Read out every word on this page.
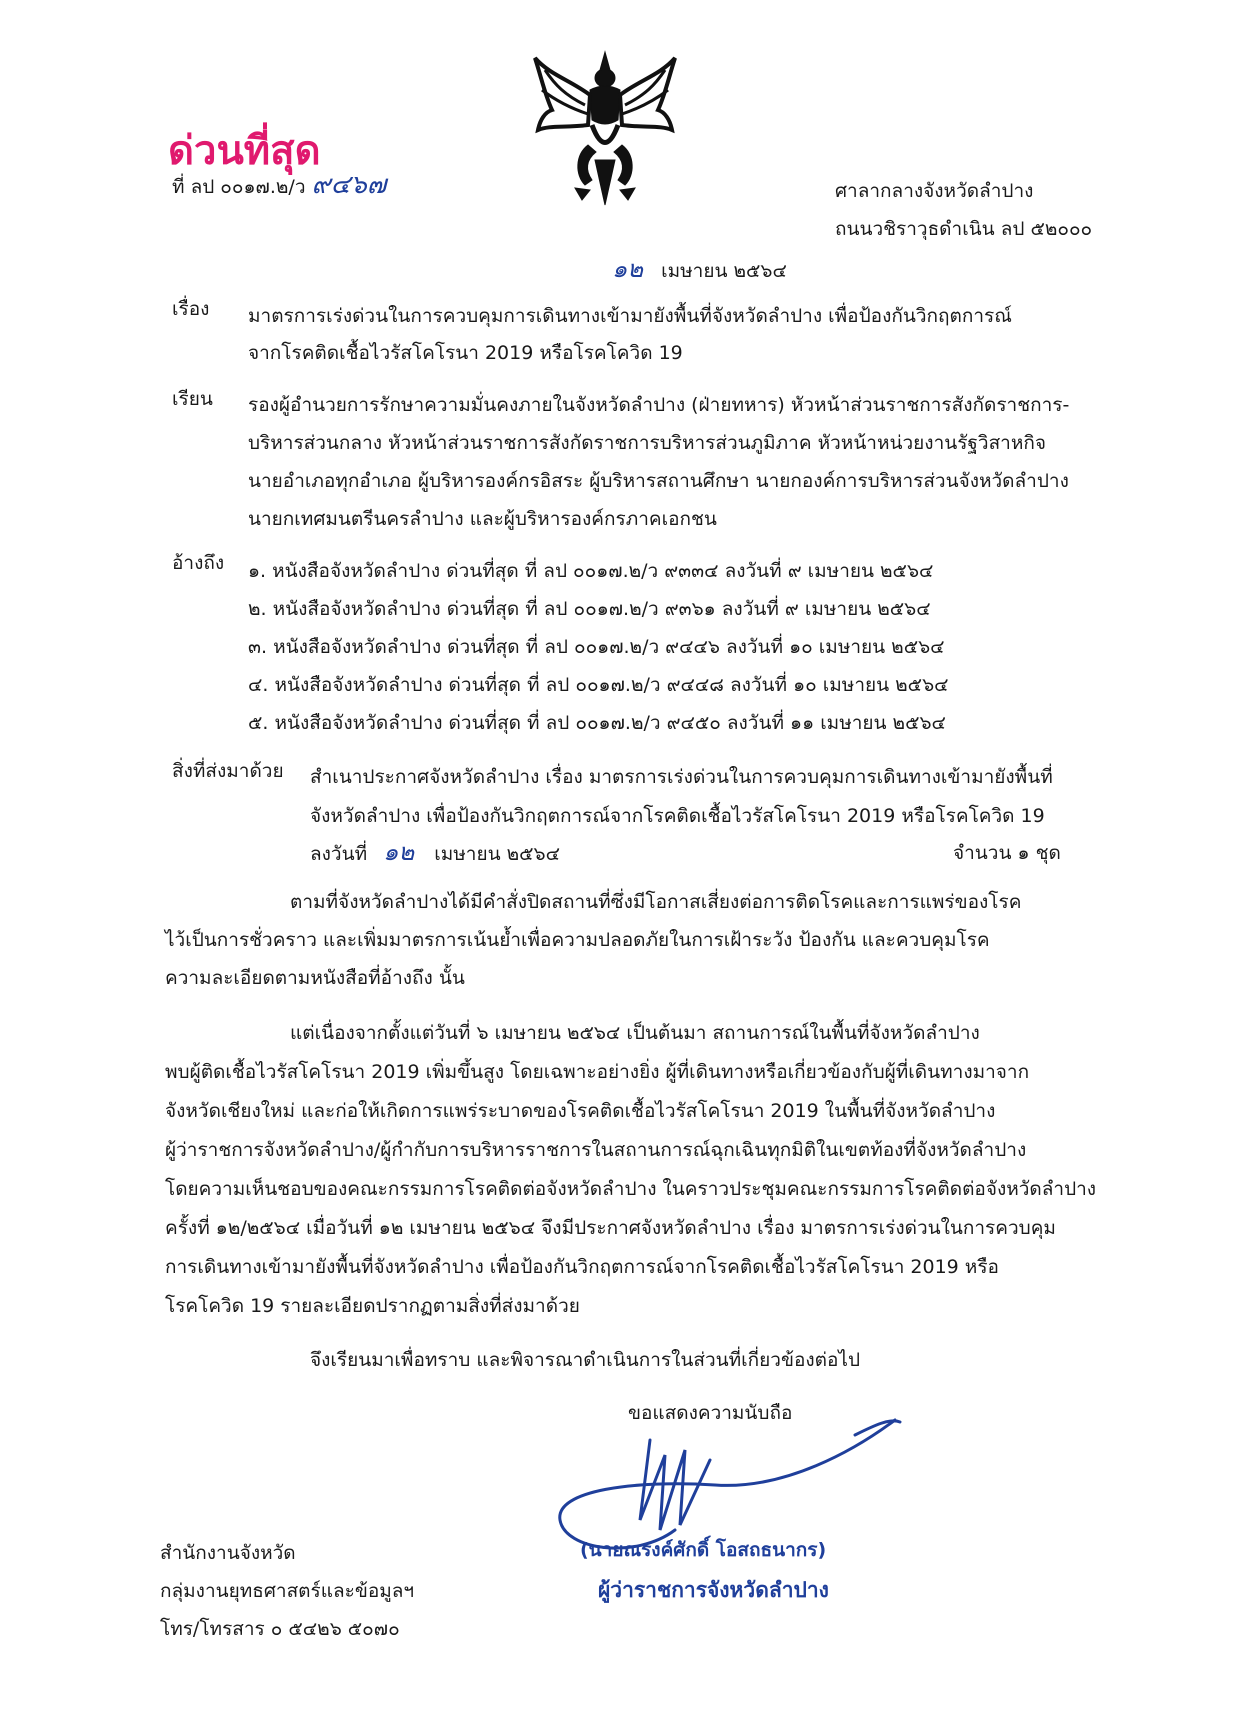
ด่วนที่สุด
ที่ ลป ๐๐๑๗.๒/ว ๙๔๖๗	ศาลากลางจังหวัดลำปาง
ถนนวชิราวุธดำเนิน ลป ๕๒๐๐๐
๑๒ เมษายน ๒๕๖๔
เรื่อง มาตรการเร่งด่วนในการควบคุมการเดินทางเข้ามายังพื้นที่จังหวัดลำปาง เพื่อป้องกันวิกฤตการณ์
จากโรคติดเชื้อไวรัสโคโรนา 2019 หรือโรคโควิด 19
เรียน รองผู้อำนวยการรักษาความมั่นคงภายในจังหวัดลำปาง (ฝ่ายทหาร) หัวหน้าส่วนราชการสังกัดราชการ-
บริหารส่วนกลาง หัวหน้าส่วนราชการสังกัดราชการบริหารส่วนภูมิภาค หัวหน้าหน่วยงานรัฐวิสาหกิจ
นายอำเภอทุกอำเภอ ผู้บริหารองค์กรอิสระ ผู้บริหารสถานศึกษา นายกองค์การบริหารส่วนจังหวัดลำปาง
นายกเทศมนตรีนครลำปาง และผู้บริหารองค์กรภาคเอกชน
อ้างถึง ๑. หนังสือจังหวัดลำปาง ด่วนที่สุด ที่ ลป ๐๐๑๗.๒/ว ๙๓๓๔ ลงวันที่ ๙ เมษายน ๒๕๖๔
๒. หนังสือจังหวัดลำปาง ด่วนที่สุด ที่ ลป ๐๐๑๗.๒/ว ๙๓๖๑ ลงวันที่ ๙ เมษายน ๒๕๖๔
๓. หนังสือจังหวัดลำปาง ด่วนที่สุด ที่ ลป ๐๐๑๗.๒/ว ๙๔๔๖ ลงวันที่ ๑๐ เมษายน ๒๕๖๔
๔. หนังสือจังหวัดลำปาง ด่วนที่สุด ที่ ลป ๐๐๑๗.๒/ว ๙๔๔๘ ลงวันที่ ๑๐ เมษายน ๒๕๖๔
๕. หนังสือจังหวัดลำปาง ด่วนที่สุด ที่ ลป ๐๐๑๗.๒/ว ๙๔๕๐ ลงวันที่ ๑๑ เมษายน ๒๕๖๔
สิ่งที่ส่งมาด้วย สำเนาประกาศจังหวัดลำปาง เรื่อง มาตรการเร่งด่วนในการควบคุมการเดินทางเข้ามายังพื้นที่
จังหวัดลำปาง เพื่อป้องกันวิกฤตการณ์จากโรคติดเชื้อไวรัสโคโรนา 2019 หรือโรคโควิด 19
ลงวันที่ ๑๒ เมษายน ๒๕๖๔	จำนวน ๑ ชุด
ตามที่จังหวัดลำปางได้มีคำสั่งปิดสถานที่ซึ่งมีโอกาสเสี่ยงต่อการติดโรคและการแพร่ของโรค
ไว้เป็นการชั่วคราว และเพิ่มมาตรการเน้นย้ำเพื่อความปลอดภัยในการเฝ้าระวัง ป้องกัน และควบคุมโรค
ความละเอียดตามหนังสือที่อ้างถึง นั้น
แต่เนื่องจากตั้งแต่วันที่ ๖ เมษายน ๒๕๖๔ เป็นต้นมา สถานการณ์ในพื้นที่จังหวัดลำปาง
พบผู้ติดเชื้อไวรัสโคโรนา 2019 เพิ่มขึ้นสูง โดยเฉพาะอย่างยิ่ง ผู้ที่เดินทางหรือเกี่ยวข้องกับผู้ที่เดินทางมาจาก
จังหวัดเชียงใหม่ และก่อให้เกิดการแพร่ระบาดของโรคติดเชื้อไวรัสโคโรนา 2019 ในพื้นที่จังหวัดลำปาง
ผู้ว่าราชการจังหวัดลำปาง/ผู้กำกับการบริหารราชการในสถานการณ์ฉุกเฉินทุกมิติในเขตท้องที่จังหวัดลำปาง
โดยความเห็นชอบของคณะกรรมการโรคติดต่อจังหวัดลำปาง ในคราวประชุมคณะกรรมการโรคติดต่อจังหวัดลำปาง
ครั้งที่ ๑๒/๒๕๖๔ เมื่อวันที่ ๑๒ เมษายน ๒๕๖๔ จึงมีประกาศจังหวัดลำปาง เรื่อง มาตรการเร่งด่วนในการควบคุม
การเดินทางเข้ามายังพื้นที่จังหวัดลำปาง เพื่อป้องกันวิกฤตการณ์จากโรคติดเชื้อไวรัสโคโรนา 2019 หรือ
โรคโควิด 19 รายละเอียดปรากฏตามสิ่งที่ส่งมาด้วย
จึงเรียนมาเพื่อทราบ และพิจารณาดำเนินการในส่วนที่เกี่ยวข้องต่อไป
ขอแสดงความนับถือ
(นายณรงค์ศักดิ์ โอสถธนากร)
ผู้ว่าราชการจังหวัดลำปาง
สำนักงานจังหวัด
กลุ่มงานยุทธศาสตร์และข้อมูลฯ
โทร/โทรสาร ๐ ๕๔๒๖ ๕๐๗๐
